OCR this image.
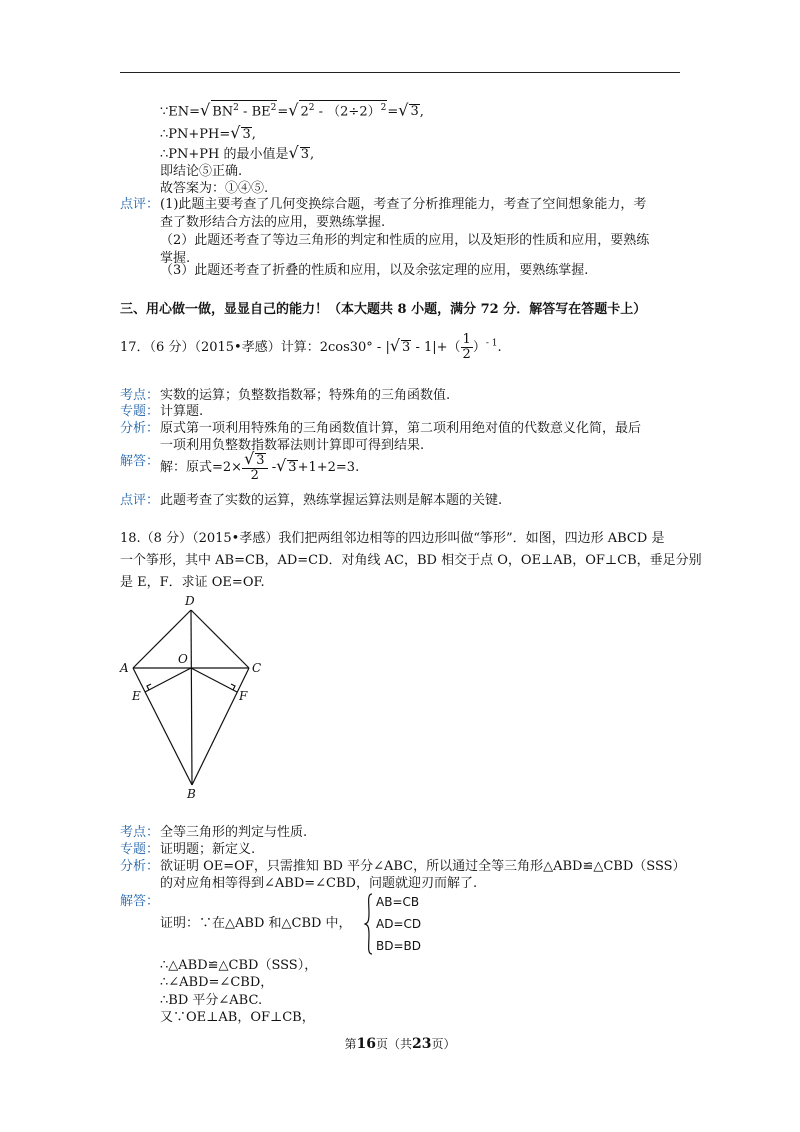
∵EN=√ $BN^2 - BE^2=√$ $2^2 - (2\div 2)^2=√$ 3,
∴PN+PH=√ 3,
∴PN+PH 的最小值是√ 3,
即结论⑤正确.
故答案为：①④⑤.
点评： (1)此题主要考查了几何变换综合题，考查了分析推理能力，考查了空间想象能力，考
查了数形结合方法的应用，要熟练掌握.
（2）此题还考查了等边三角形的判定和性质的应用，以及矩形的性质和应用，要熟练
掌握.
（3）此题还考查了折叠的性质和应用，以及余弦定理的应用，要熟练掌握.
三、用心做一做，显显自己的能力！（本大题共 8 小题，满分 72 分．解答写在答题卡上）
17．（6 分）（2015•孝感）计算：2cos30° - |√ $3 - 1|+( \frac{1}{2} )^{- 1}$.
考点： 实数的运算；负整数指数幂；特殊角的三角函数值.
专题： 计算题.
分析： 原式第一项利用特殊角的三角函数值计算，第二项利用绝对值的代数意义化简，最后
一项利用负整数指数幂法则计算即可得到结果.
解答： 解：原式$=2\times \frac{√ 3}{2}$ -√ 3+1+2=3.
点评： 此题考查了实数的运算，熟练掌握运算法则是解本题的关键.
18.（8 分）（2015•孝感）我们把两组邻边相等的四边形叫做“筝形”．如图，四边形 ABCD 是
一个筝形，其中 AB=CB，AD=CD．对角线 AC，BD 相交于点 O，OE⊥AB，OF⊥CB，垂足分别
是 E，F．求证 OE=OF.
D
A
O
C
E	F
B
考点： 全等三角形的判定与性质.
专题： 证明题；新定义.
分析： 欲证明 OE=OF，只需推知 BD 平分∠ABC，所以通过全等三角形△ABD≌△CBD（SSS）
的对应角相等得到∠ABD=∠CBD，问题就迎刃而解了.
解答：
证明：∵在△ABD 和△CBD 中，
AB=CB
AD=CD
BD=BD
∴△ABD≌△CBD（SSS），
∴∠ABD=∠CBD，
∴BD 平分∠ABC.
又∵OE⊥AB，OF⊥CB，
第16页（共23页）
